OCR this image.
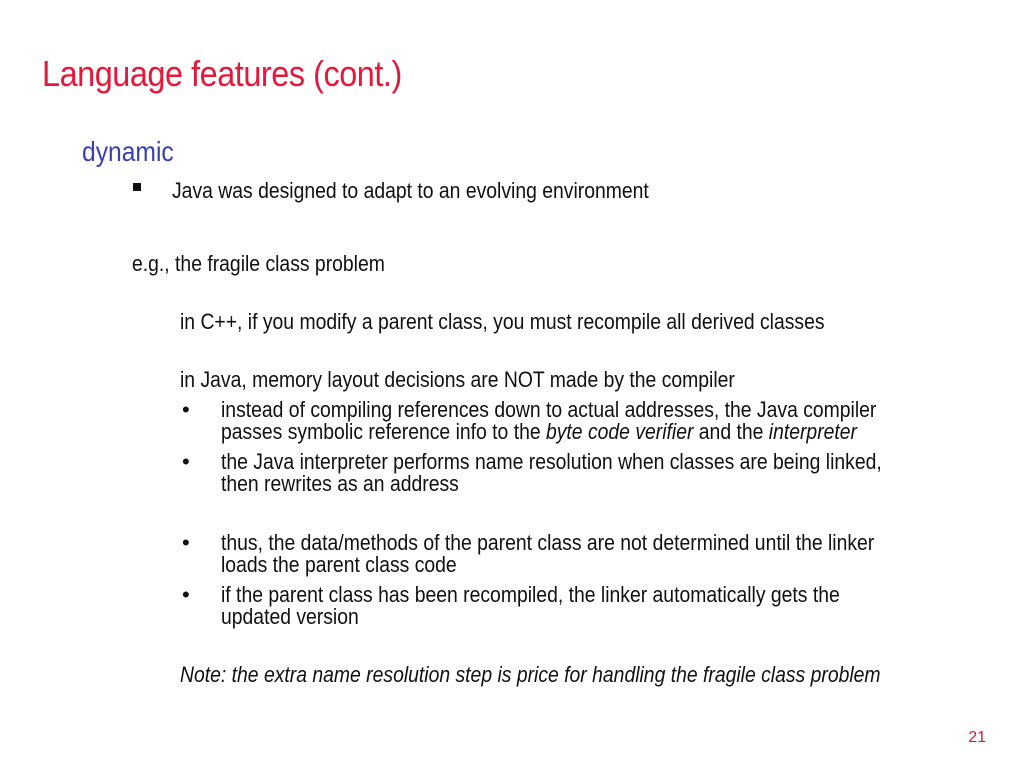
Language features (cont.)
dynamic
Java was designed to adapt to an evolving environment
e.g., the fragile class problem
in C++, if you modify a parent class, you must recompile all derived classes
in Java, memory layout decisions are NOT made by the compiler
• instead of compiling references down to actual addresses, the Java compiler
passes symbolic reference info to the byte code verifier and the interpreter
• the Java interpreter performs name resolution when classes are being linked,
then rewrites as an address
• thus, the data/methods of the parent class are not determined until the linker
loads the parent class code
• if the parent class has been recompiled, the linker automatically gets the
updated version
Note: the extra name resolution step is price for handling the fragile class problem
21
